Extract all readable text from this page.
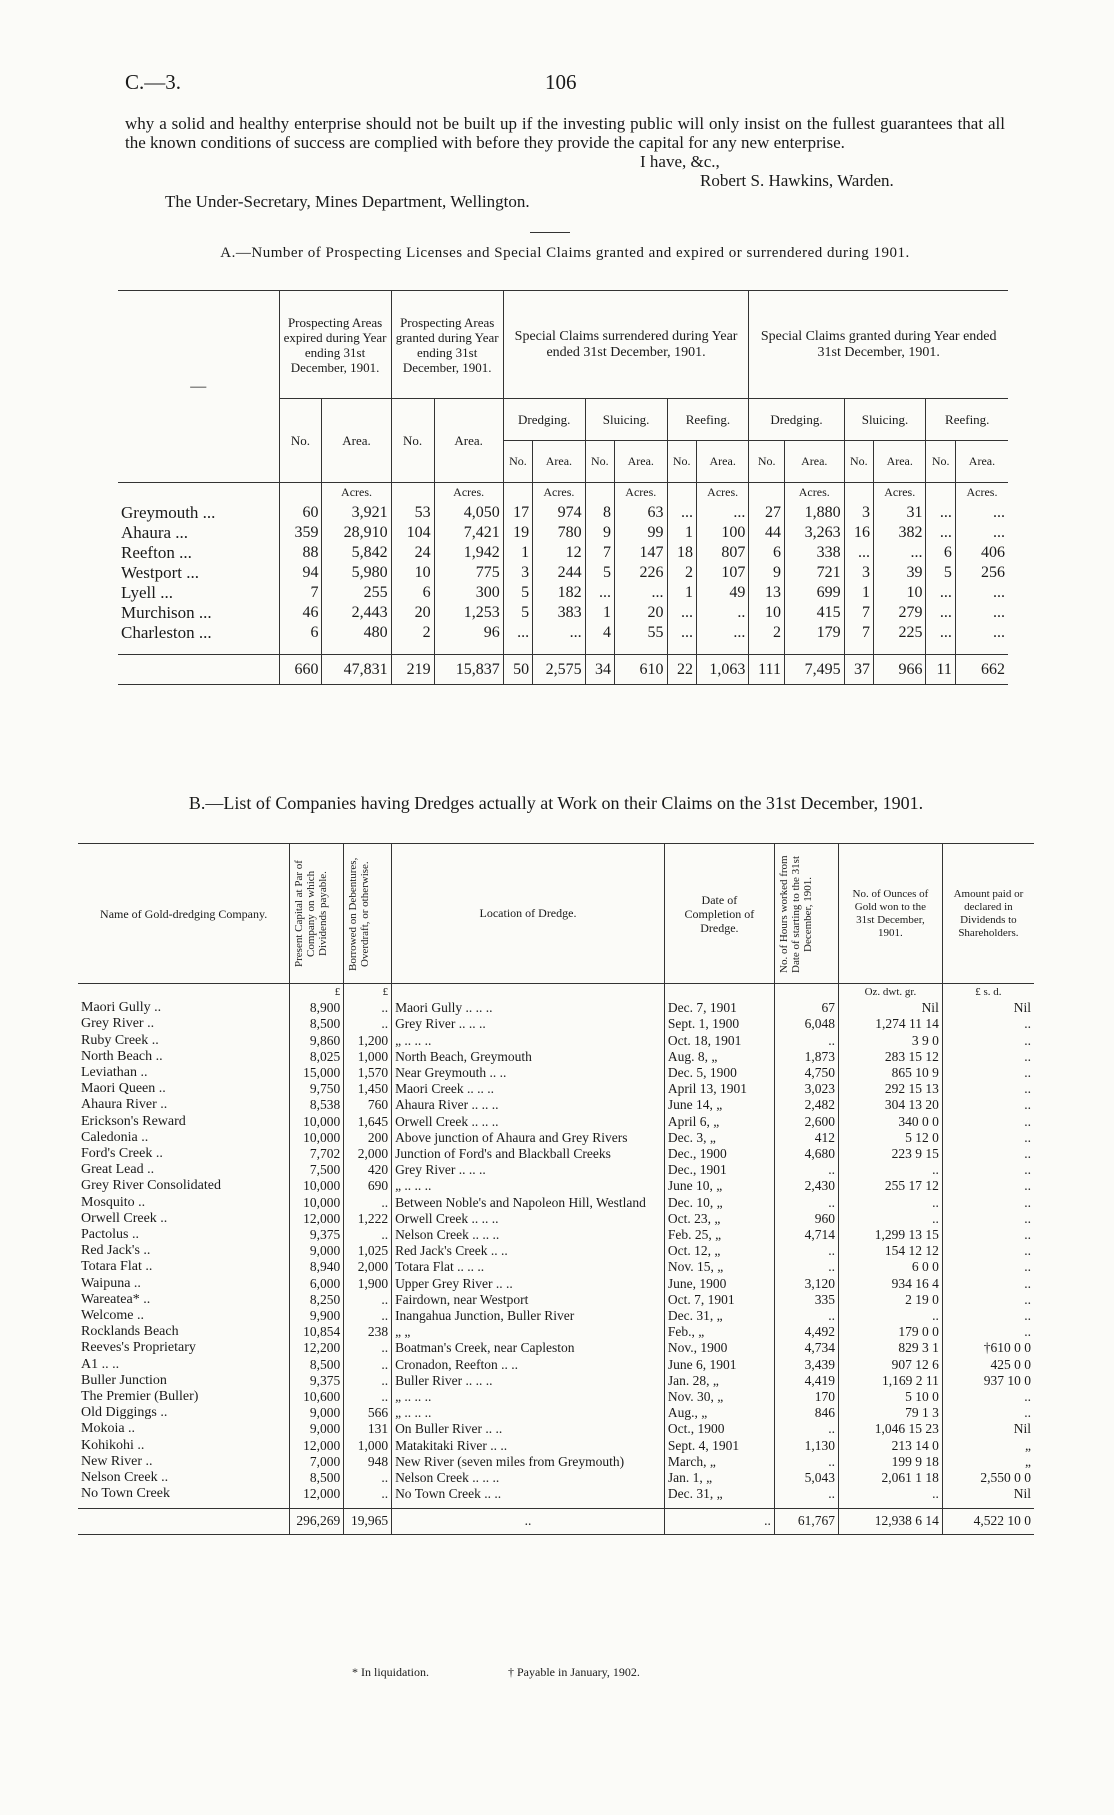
C.—3.	106

why a solid and healthy enterprise should not be built up if the investing public will only insist on the fullest guarantees that all the known conditions of success are complied with before they provide the capital for any new enterprise.

I have, &c.,
Robert S. Hawkins, Warden.
The Under-Secretary, Mines Department, Wellington.
A.—Number of Prospecting Licenses and Special Claims granted and expired or surrendered during 1901.
—	Prospecting Areas expired during Year ending 31st December, 1901.		Prospecting Areas granted during Year ending 31st December, 1901.		Special Claims surrendered during Year ended 31st December, 1901.						Special Claims granted during Year ended 31st December, 1901.					
	No.	Area.	No.	Area.	Dredging.		Sluicing.		Reefing.		Dredging.		Sluicing.		Reefing.	
					No.	Area.	No.	Area.	No.	Area.	No.	Area.	No.	Area.	No.	Area.
		Acres.		Acres.		Acres.		Acres.		Acres.		Acres.		Acres.		Acres.
Greymouth ...	60	3,921	53	4,050	17	974	8	63	...	...	27	1,880	3	31	...	...
Ahaura ...	359	28,910	104	7,421	19	780	9	99	1	100	44	3,263	16	382	...	...
Reefton ...	88	5,842	24	1,942	1	12	7	147	18	807	6	338	...	...	6	406
Westport ...	94	5,980	10	775	3	244	5	226	2	107	9	721	3	39	5	256
Lyell ...	7	255	6	300	5	182	...	...	1	49	13	699	1	10	...	...
Murchison ...	46	2,443	20	1,253	5	383	1	20	...	..	10	415	7	279	...	...
Charleston ...	6	480	2	96	...	...	4	55	...	...	2	179	7	225	...	...

	660	47,831	219	15,837	50	2,575	34	610	22	1,063	111	7,495	37	966	11	662
B.—List of Companies having Dredges actually at Work on their Claims on the 31st December, 1901.
Name of Gold-dredging Company.	Present Capital at Par of Company on which Dividends payable.	Borrowed on Debentures, Overdraft, or otherwise.	Location of Dredge.	Date of Completion of Dredge.	No. of Hours worked from Date of starting to the 31st December, 1901.	No. of Ounces of Gold won to the 31st December, 1901.	Amount paid or declared in Dividends to Shareholders.
	£	£				Oz. dwt. gr.	£ s. d.
Maori Gully ..	8,900	..	Maori Gully .. .. ..	Dec. 7, 1901	67	Nil	Nil
Grey River ..	8,500	..	Grey River .. .. ..	Sept. 1, 1900	6,048	1,274 11 14	..
Ruby Creek ..	9,860	1,200	„ .. .. ..	Oct. 18, 1901	..	3 9 0	..
North Beach ..	8,025	1,000	North Beach, Greymouth	Aug. 8, „	1,873	283 15 12	..
Leviathan ..	15,000	1,570	Near Greymouth .. ..	Dec. 5, 1900	4,750	865 10 9	..
Maori Queen ..	9,750	1,450	Maori Creek .. .. ..	April 13, 1901	3,023	292 15 13	..
Ahaura River ..	8,538	760	Ahaura River .. .. ..	June 14, „	2,482	304 13 20	..
Erickson's Reward	10,000	1,645	Orwell Creek .. .. ..	April 6, „	2,600	340 0 0	..
Caledonia ..	10,000	200	Above junction of Ahaura and Grey Rivers	Dec. 3, „	412	5 12 0	..
Ford's Creek ..	7,702	2,000	Junction of Ford's and Blackball Creeks	Dec., 1900	4,680	223 9 15	..
Great Lead ..	7,500	420	Grey River .. .. ..	Dec., 1901	..	..	..
Grey River Consolidated	10,000	690	„ .. .. ..	June 10, „	2,430	255 17 12	..
Mosquito ..	10,000	..	Between Noble's and Napoleon Hill, Westland	Dec. 10, „	..	..	..
Orwell Creek ..	12,000	1,222	Orwell Creek .. .. ..	Oct. 23, „	960	..	..
Pactolus ..	9,375	..	Nelson Creek .. .. ..	Feb. 25, „	4,714	1,299 13 15	..
Red Jack's ..	9,000	1,025	Red Jack's Creek .. ..	Oct. 12, „	..	154 12 12	..
Totara Flat ..	8,940	2,000	Totara Flat .. .. ..	Nov. 15, „	..	6 0 0	..
Waipuna ..	6,000	1,900	Upper Grey River .. ..	June, 1900	3,120	934 16 4	..
Wareatea* ..	8,250	..	Fairdown, near Westport	Oct. 7, 1901	335	2 19 0	..
Welcome ..	9,900	..	Inangahua Junction, Buller River	Dec. 31, „	..	..	..
Rocklands Beach	10,854	238	„ „	Feb., „	4,492	179 0 0	..
Reeves's Proprietary	12,200	..	Boatman's Creek, near Capleston	Nov., 1900	4,734	829 3 1	†610 0 0
A1 .. ..	8,500	..	Cronadon, Reefton .. ..	June 6, 1901	3,439	907 12 6	425 0 0
Buller Junction	9,375	..	Buller River .. .. ..	Jan. 28, „	4,419	1,169 2 11	937 10 0
The Premier (Buller)	10,600	..	„ .. .. ..	Nov. 30, „	170	5 10 0	..
Old Diggings ..	9,000	566	„ .. .. ..	Aug., „	846	79 1 3	..
Mokoia ..	9,000	131	On Buller River .. ..	Oct., 1900	..	1,046 15 23	Nil
Kohikohi ..	12,000	1,000	Matakitaki River .. ..	Sept. 4, 1901	1,130	213 14 0	„
New River ..	7,000	948	New River (seven miles from Greymouth)	March, „	..	199 9 18	„
Nelson Creek ..	8,500	..	Nelson Creek .. .. ..	Jan. 1, „	5,043	2,061 1 18	2,550 0 0
No Town Creek	12,000	..	No Town Creek .. ..	Dec. 31, „	..	..	Nil

	296,269	19,965	..	..	61,767	12,938 6 14	4,522 10 0
* In liquidation.	† Payable in January, 1902.
